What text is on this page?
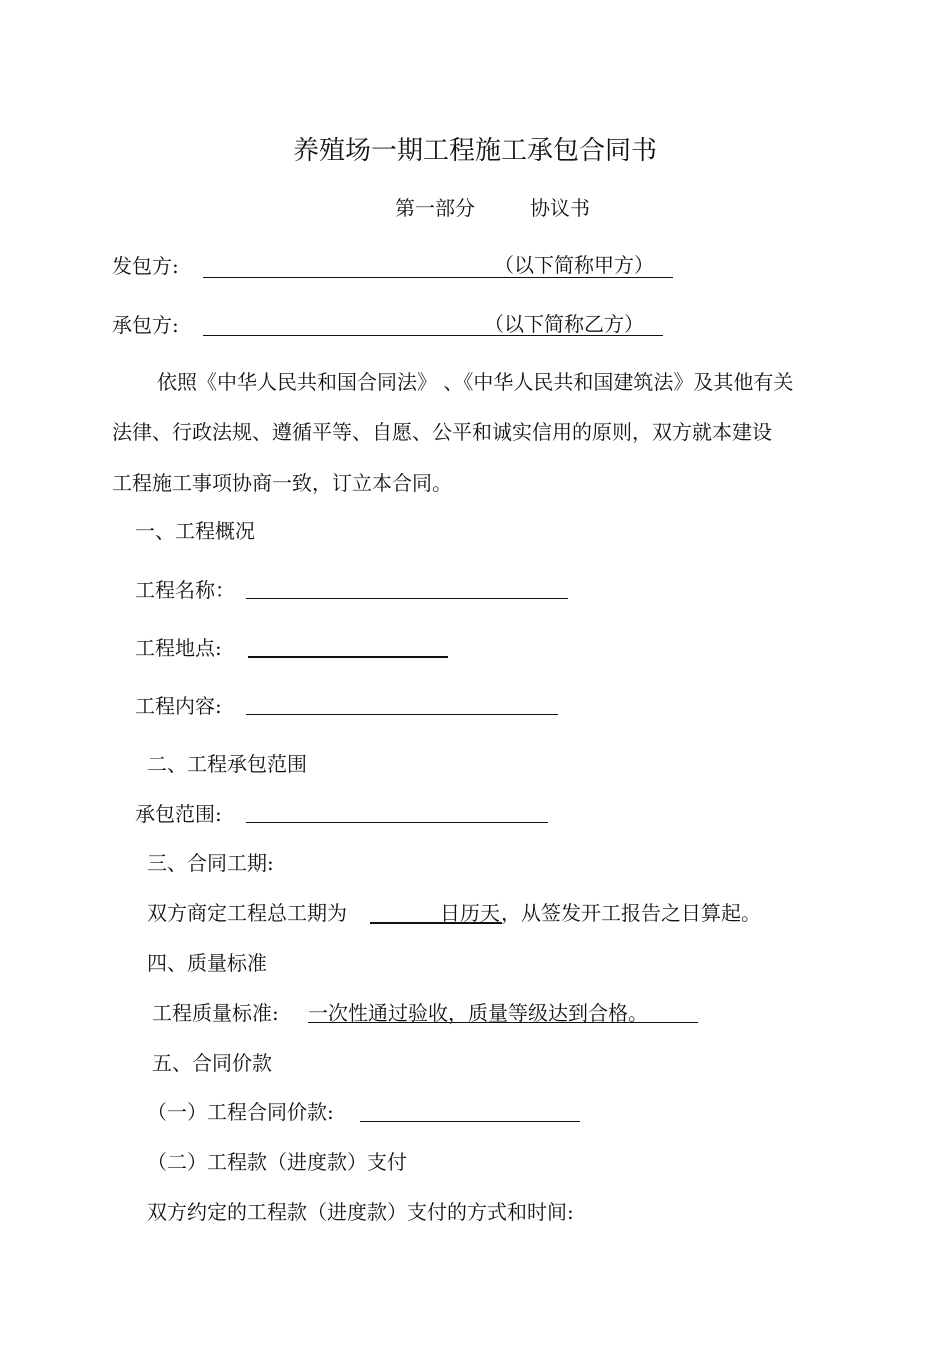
养殖场一期工程施工承包合同书
第一部分	协议书
发包方:	（以下简称甲方）
承包方:	（以下简称乙方）
依照《中华人民共和国合同法》 、《中华人民共和国建筑法》及其他有关
法律、行政法规、遵循平等、自愿、公平和诚实信用的原则，双方就本建设
工程施工事项协商一致，订立本合同。
一、工程概况
工程名称：
工程地点:
工程内容:
二、工程承包范围
承包范围:
三、合同工期:
双方商定工程总工期为	日历天 ，从签发开工报告之日算起。
四、质量标准
工程质量标准: 一次性通过验收，质量等级达到合格。
五、合同价款
（一）工程合同价款:
（二）工程款（进度款）支付
双方约定的工程款（进度款）支付的方式和时间:
